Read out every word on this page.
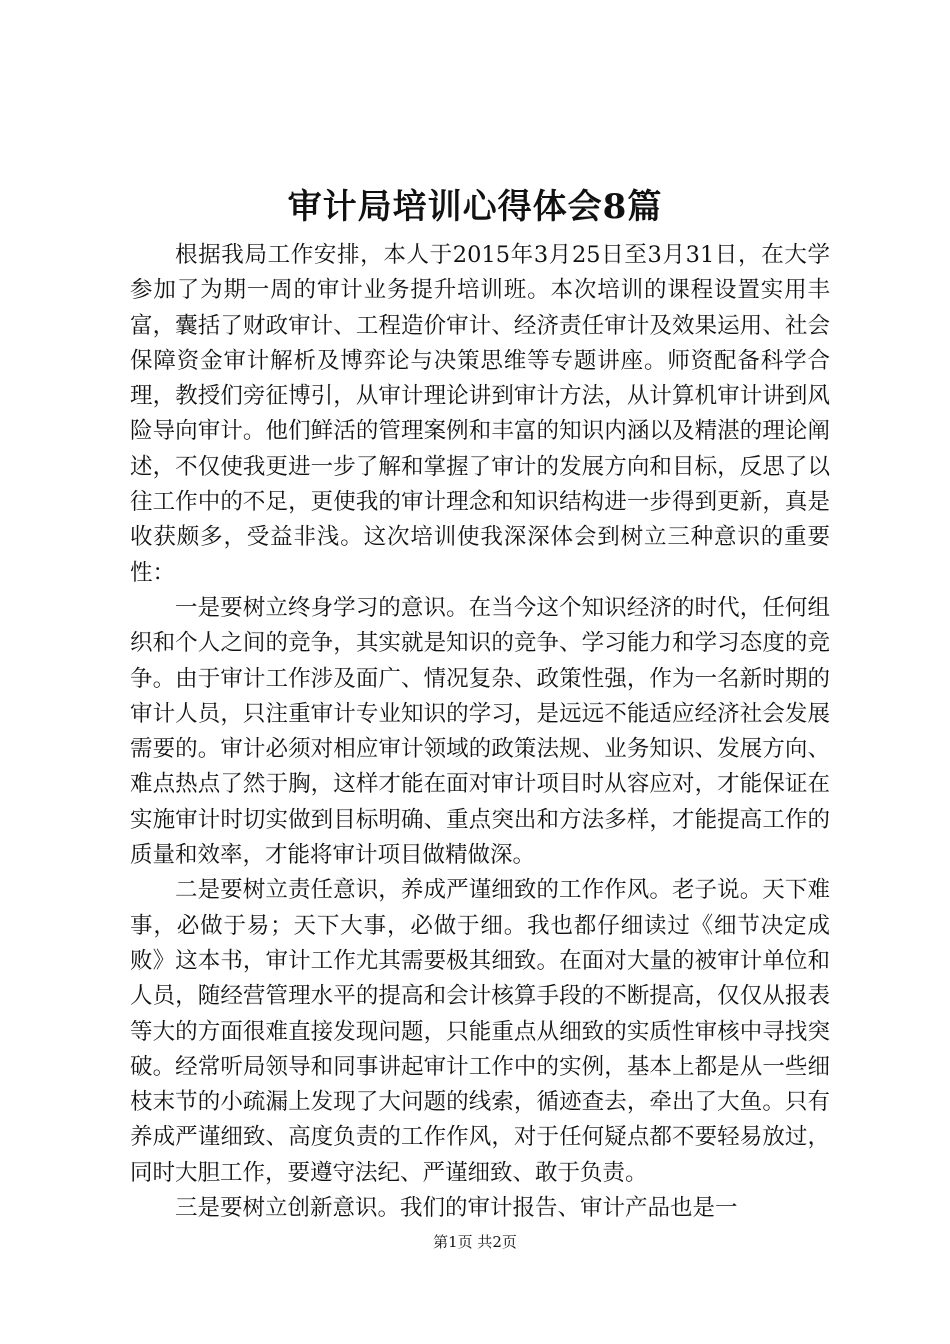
审计局培训心得体会8篇

根据我局工作安排，本人于2015年3月25日至3月31日，在大学参加了为期一周的审计业务提升培训班。本次培训的课程设置实用丰富，囊括了财政审计、工程造价审计、经济责任审计及效果运用、社会保障资金审计解析及博弈论与决策思维等专题讲座。师资配备科学合理，教授们旁征博引，从审计理论讲到审计方法，从计算机审计讲到风险导向审计。他们鲜活的管理案例和丰富的知识内涵以及精湛的理论阐述，不仅使我更进一步了解和掌握了审计的发展方向和目标，反思了以往工作中的不足，更使我的审计理念和知识结构进一步得到更新，真是收获颇多，受益非浅。这次培训使我深深体会到树立三种意识的重要性：

一是要树立终身学习的意识。在当今这个知识经济的时代，任何组织和个人之间的竞争，其实就是知识的竞争、学习能力和学习态度的竞争。由于审计工作涉及面广、情况复杂、政策性强，作为一名新时期的审计人员，只注重审计专业知识的学习，是远远不能适应经济社会发展需要的。审计必须对相应审计领域的政策法规、业务知识、发展方向、难点热点了然于胸，这样才能在面对审计项目时从容应对，才能保证在实施审计时切实做到目标明确、重点突出和方法多样，才能提高工作的质量和效率，才能将审计项目做精做深。

二是要树立责任意识，养成严谨细致的工作作风。老子说。天下难事，必做于易；天下大事，必做于细。我也都仔细读过《细节决定成败》这本书，审计工作尤其需要极其细致。在面对大量的被审计单位和人员，随经营管理水平的提高和会计核算手段的不断提高，仅仅从报表等大的方面很难直接发现问题，只能重点从细致的实质性审核中寻找突破。经常听局领导和同事讲起审计工作中的实例，基本上都是从一些细枝末节的小疏漏上发现了大问题的线索，循迹查去，牵出了大鱼。只有养成严谨细致、高度负责的工作作风，对于任何疑点都不要轻易放过，同时大胆工作，要遵守法纪、严谨细致、敢于负责。

三是要树立创新意识。我们的审计报告、审计产品也是一

第1页 共2页
